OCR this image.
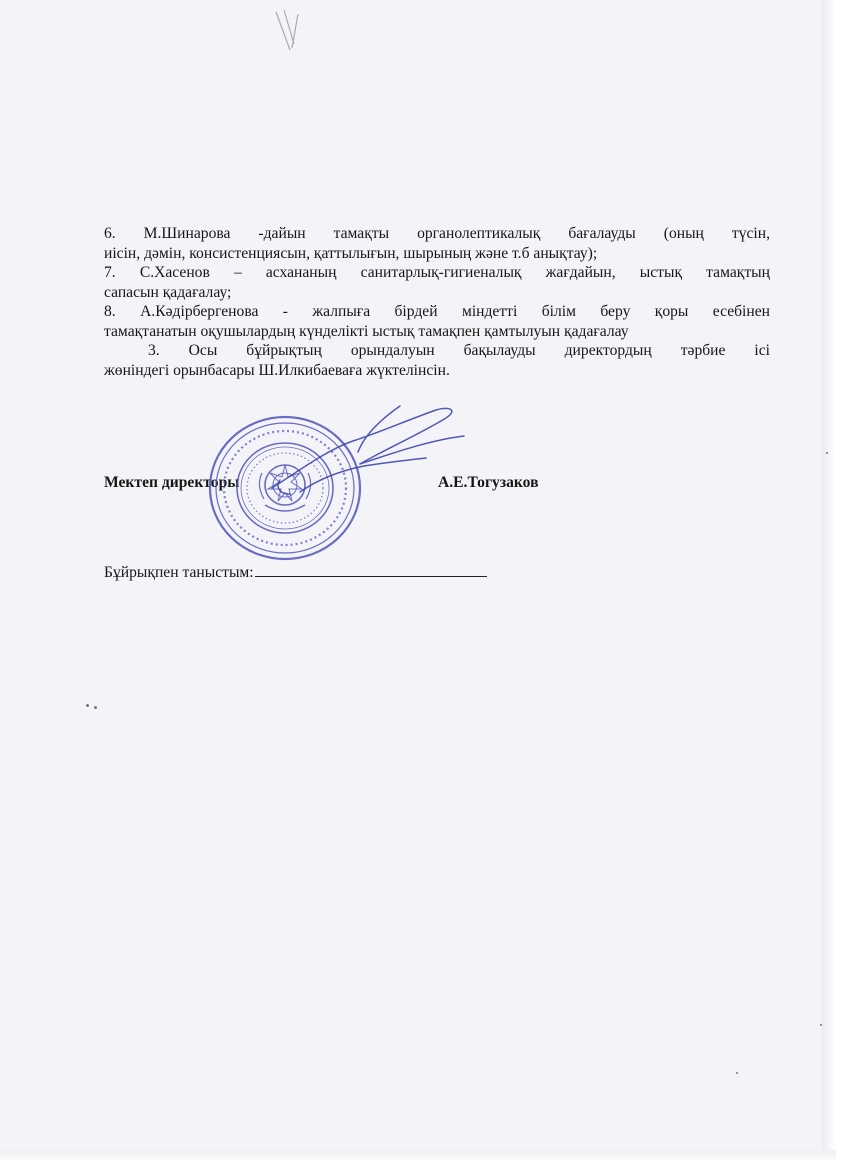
6. М.Шинарова -дайын тамақты органолептикалық бағалауды (оның түсін,

иісін, дәмін, консистенциясын, қаттылығын, шырының және т.б анықтау);

7. С.Хасенов – асхананың санитарлық-гигиеналық жағдайын, ыстық тамақтың

сапасын қадағалау;

8. А.Кәдірбергенова - жалпыға бірдей міндетті білім беру қоры есебінен

тамақтанатын оқушылардың күнделікті ыстық тамақпен қамтылуын қадағалау

3. Осы бұйрықтың орындалуын бақылауды директордың тәрбие ісі

жөніндегі орынбасары Ш.Илкибаеваға жүктелінсін.

Мектеп директоры	А.Е.Тогузаков
Бұйрықпен таныстым:
